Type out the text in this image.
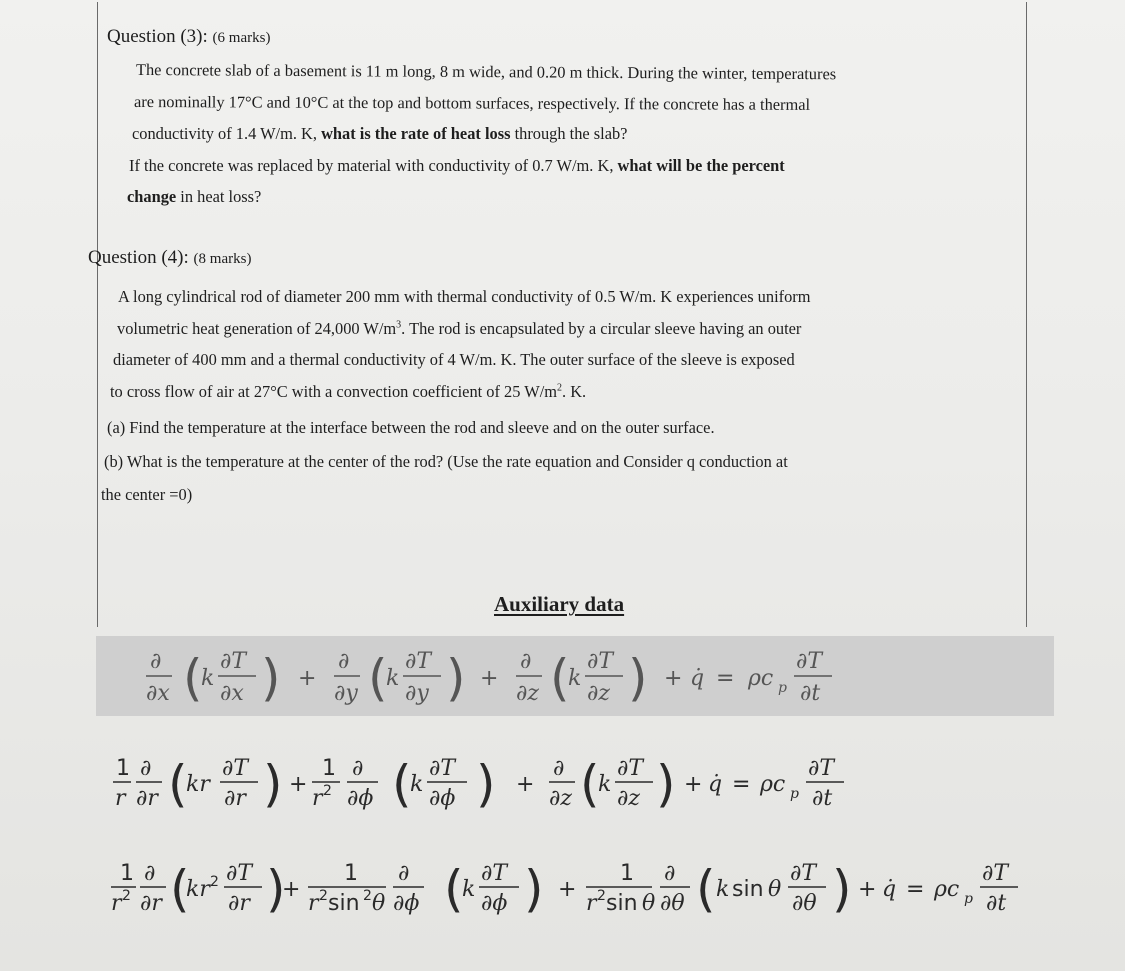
Question (3): (6 marks)
The concrete slab of a basement is 11 m long, 8 m wide, and 0.20 m thick. During the winter, temperatures
are nominally 17°C and 10°C at the top and bottom surfaces, respectively. If the concrete has a thermal
conductivity of 1.4 W/m. K, what is the rate of heat loss through the slab?
If the concrete was replaced by material with conductivity of 0.7 W/m. K, what will be the percent
change in heat loss?
Question (4): (8 marks)
A long cylindrical rod of diameter 200 mm with thermal conductivity of 0.5 W/m. K experiences uniform
volumetric heat generation of 24,000 $W/m^3$. The rod is encapsulated by a circular sleeve having an outer
diameter of 400 mm and a thermal conductivity of 4 W/m. K. The outer surface of the sleeve is exposed
to cross flow of air at 27°C with a convection coefficient of 25 $W/m^2$. K.
(a) Find the temperature at the interface between the rod and sleeve and on the outer surface.
(b) What is the temperature at the center of the rod? (Use the rate equation and Consider q conduction at
the center =0)
Auxiliary data
∂
∂x (
k
∂T
∂x ) +
∂
∂y (
k
∂T
∂y ) +
∂
∂z (
k
∂T
∂z ) + q̇ = ρc p
∂T
∂t
1
r
∂
∂r (
kr
∂T
∂r ) +
1
r 2
∂
∂ϕ (
k
∂T
∂ϕ ) +
∂
∂z (
k
∂T
∂z ) + q̇ = ρc p
∂T
∂t
1
r 2
∂
∂r (
kr 2 ∂T
∂r )
+
1
r 2 sin 2 θ
∂
∂ϕ (
k
∂T
∂ϕ ) +
1
r 2 sin θ
∂
∂θ ( k sin θ
∂T
∂θ ) + q̇ = ρc p
∂T
∂t
